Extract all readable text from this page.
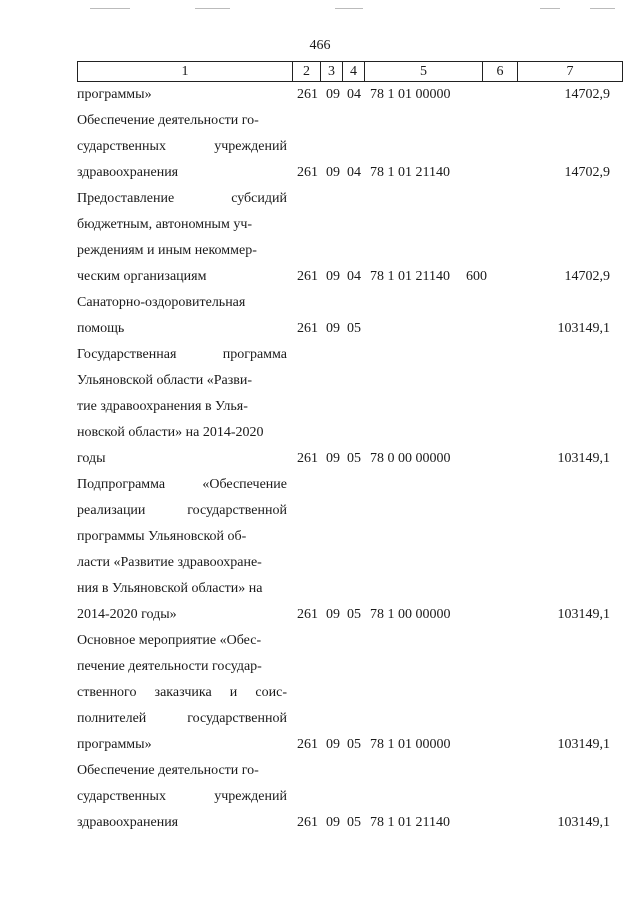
466
1	2	3	4	5	6	7
программы»	261 09 04 78 1 01 00000	14702,9
Обеспечение деятельности го-
сударственных учреждений
здравоохранения	261 09 04 78 1 01 21140	14702,9
Предоставление субсидий
бюджетным, автономным уч-
реждениям и иным некоммер-
ческим организациям	261 09 04 78 1 01 21140 600	14702,9
Санаторно-оздоровительная
помощь	261 09 05	103149,1
Государственная программа
Ульяновской области «Разви-
тие здравоохранения в Улья-
новской области» на 2014-2020
годы	261 09 05 78 0 00 00000	103149,1
Подпрограмма «Обеспечение
реализации государственной
программы Ульяновской об-
ласти «Развитие здравоохране-
ния в Ульяновской области» на
2014-2020 годы»	261 09 05 78 1 00 00000	103149,1
Основное мероприятие «Обес-
печение деятельности государ-
ственного заказчика и соис-
полнителей государственной
программы»	261 09 05 78 1 01 00000	103149,1
Обеспечение деятельности го-
сударственных учреждений
здравоохранения	261 09 05 78 1 01 21140	103149,1
